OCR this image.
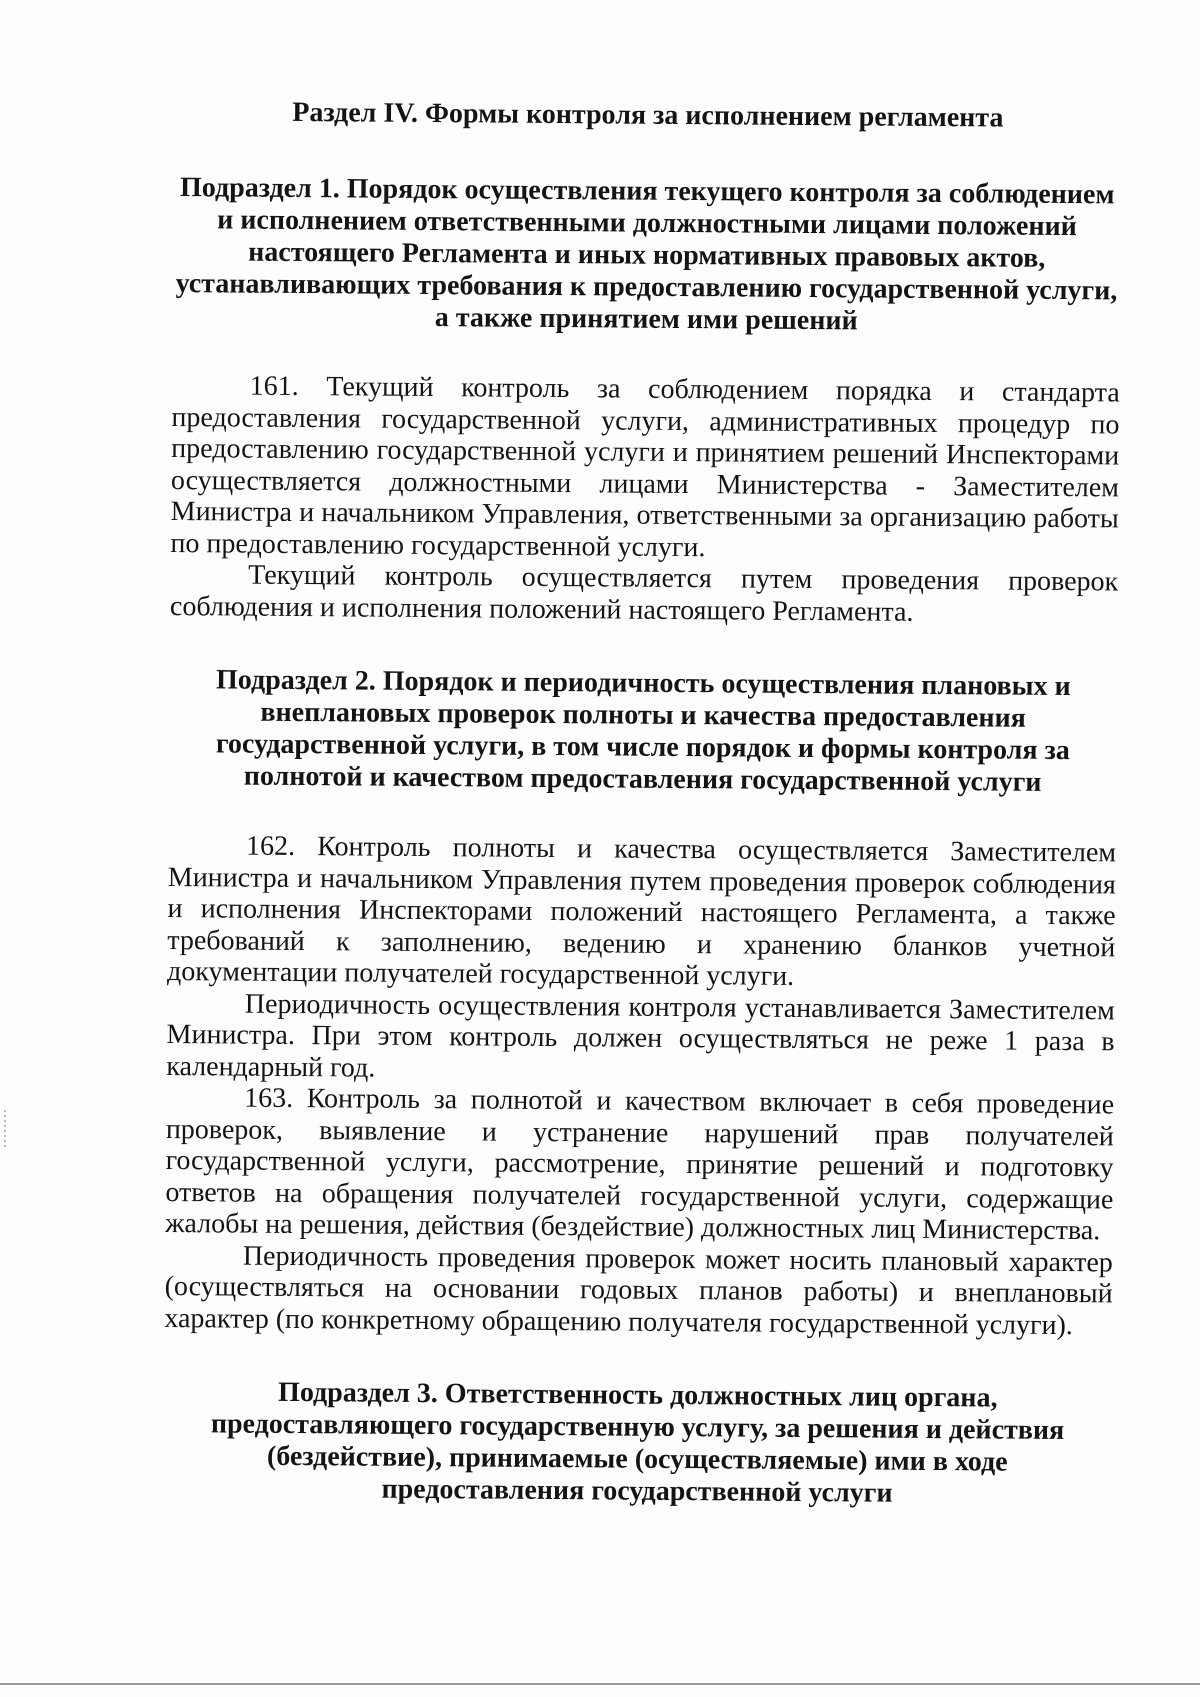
Раздел IV. Формы контроля за исполнением регламента
Подраздел 1. Порядок осуществления текущего контроля за соблюдением и исполнением ответственными должностными лицами положений настоящего Регламента и иных нормативных правовых актов, устанавливающих требования к предоставлению государственной услуги, а также принятием ими решений

161. Текущий контроль за соблюдением порядка и стандарта предоставления государственной услуги, административных процедур по предоставлению государственной услуги и принятием решений Инспекторами осуществляется должностными лицами Министерства - Заместителем Министра и начальником Управления, ответственными за организацию работы по предоставлению государственной услуги.

Текущий контроль осуществляется путем проведения проверок соблюдения и исполнения положений настоящего Регламента.

Подраздел 2. Порядок и периодичность осуществления плановых и внеплановых проверок полноты и качества предоставления государственной услуги, в том числе порядок и формы контроля за полнотой и качеством предоставления государственной услуги

162. Контроль полноты и качества осуществляется Заместителем Министра и начальником Управления путем проведения проверок соблюдения и исполнения Инспекторами положений настоящего Регламента, а также требований к заполнению, ведению и хранению бланков учетной документации получателей государственной услуги.

Периодичность осуществления контроля устанавливается Заместителем Министра. При этом контроль должен осуществляться не реже 1 раза в календарный год.

163. Контроль за полнотой и качеством включает в себя проведение проверок, выявление и устранение нарушений прав получателей государственной услуги, рассмотрение, принятие решений и подготовку ответов на обращения получателей государственной услуги, содержащие жалобы на решения, действия (бездействие) должностных лиц Министерства.

Периодичность проведения проверок может носить плановый характер (осуществляться на основании годовых планов работы) и внеплановый характер (по конкретному обращению получателя государственной услуги).

Подраздел 3. Ответственность должностных лиц органа, предоставляющего государственную услугу, за решения и действия (бездействие), принимаемые (осуществляемые) ими в ходе предоставления государственной услуги
